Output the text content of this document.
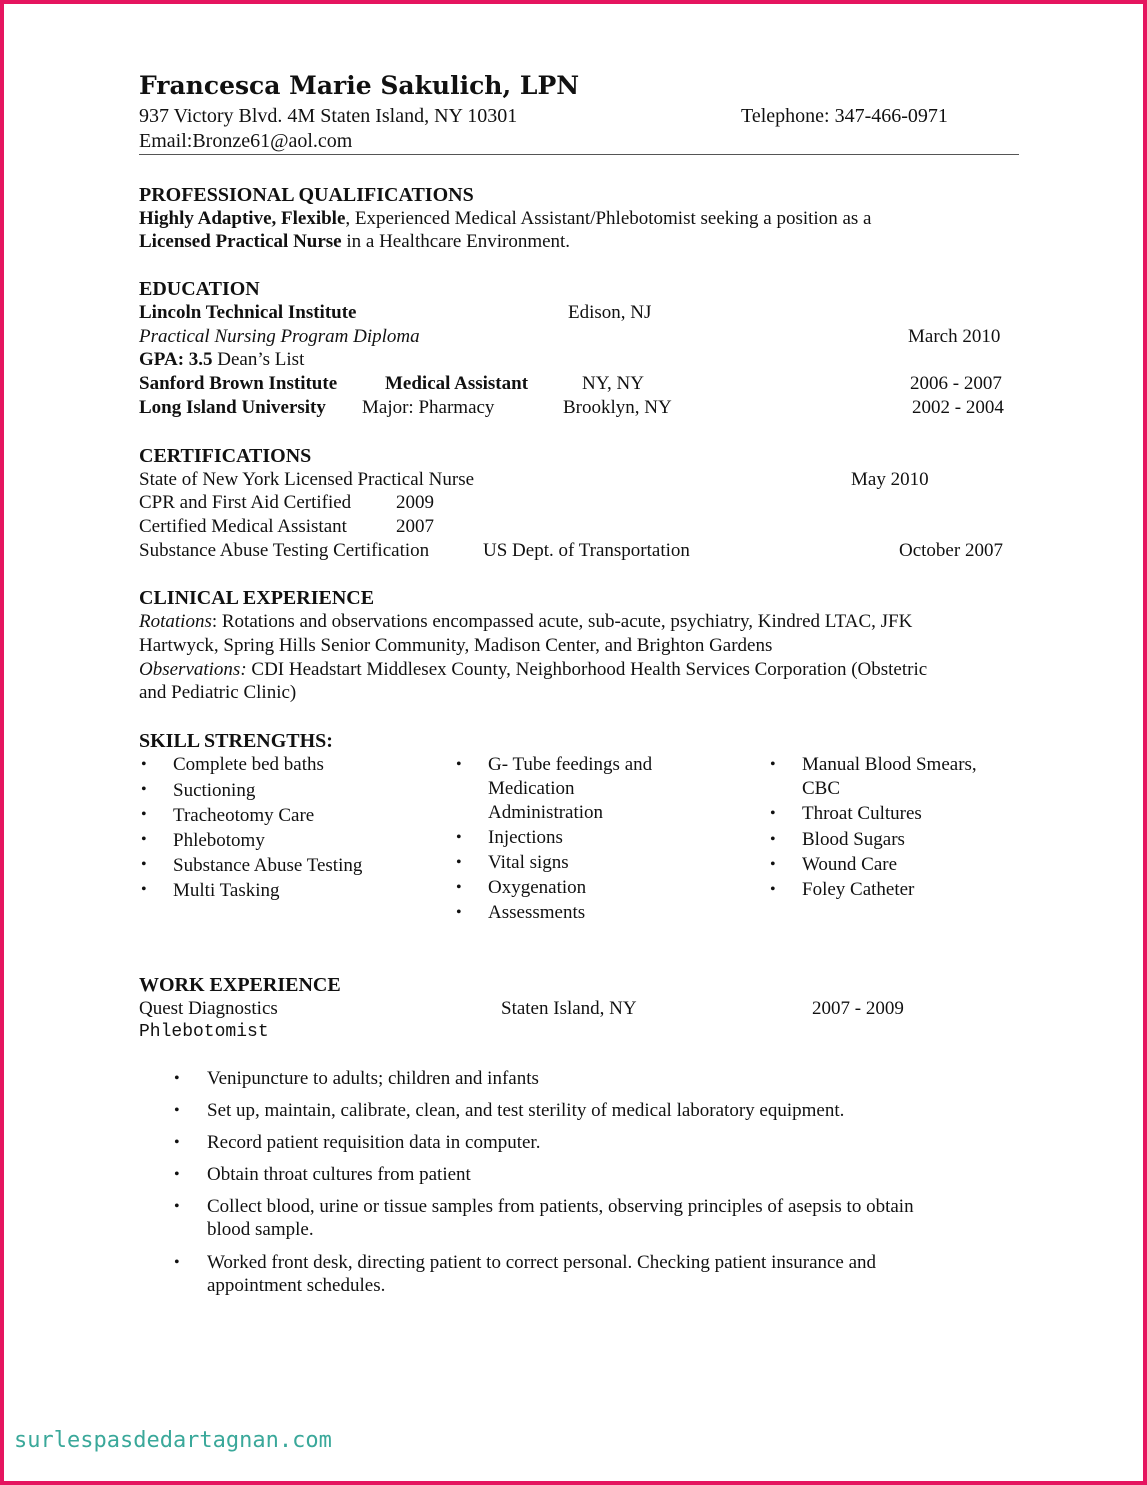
Francesca Marie Sakulich, LPN
937 Victory Blvd. 4M Staten Island, NY 10301	Telephone: 347-466-0971
Email:Bronze61@aol.com
PROFESSIONAL QUALIFICATIONS
Highly Adaptive, Flexible, Experienced Medical Assistant/Phlebotomist seeking a position as a
Licensed Practical Nurse in a Healthcare Environment.
EDUCATION
Lincoln Technical Institute	Edison, NJ
Practical Nursing Program Diploma	March 2010
GPA: 3.5 Dean’s List
Sanford Brown Institute	Medical Assistant	NY, NY	2006 - 2007
Long Island University Major: Pharmacy	Brooklyn, NY	2002 - 2004
CERTIFICATIONS
State of New York Licensed Practical Nurse	May 2010
CPR and First Aid Certified 2009
Certified Medical Assistant	2007
Substance Abuse Testing Certification	US Dept. of Transportation	October 2007
CLINICAL EXPERIENCE
Rotations: Rotations and observations encompassed acute, sub-acute, psychiatry, Kindred LTAC, JFK
Hartwyck, Spring Hills Senior Community, Madison Center, and Brighton Gardens
Observations: CDI Headstart Middlesex County, Neighborhood Health Services Corporation (Obstetric
and Pediatric Clinic)
SKILL STRENGTHS:
• Complete bed baths
• Suctioning
• Tracheotomy Care
• Phlebotomy
• Substance Abuse Testing
• Multi Tasking
• G- Tube feedings and
Medication
Administration
• Injections
• Vital signs
• Oxygenation
• Assessments
• Manual Blood Smears,
CBC
• Throat Cultures
• Blood Sugars
• Wound Care
• Foley Catheter
WORK EXPERIENCE
Quest Diagnostics	Staten Island, NY	2007 - 2009
Phlebotomist
• Venipuncture to adults; children and infants
• Set up, maintain, calibrate, clean, and test sterility of medical laboratory equipment.
• Record patient requisition data in computer.
• Obtain throat cultures from patient
• Collect blood, urine or tissue samples from patients, observing principles of asepsis to obtain
blood sample.
• Worked front desk, directing patient to correct personal. Checking patient insurance and
appointment schedules.
surlespasdedartagnan.com
